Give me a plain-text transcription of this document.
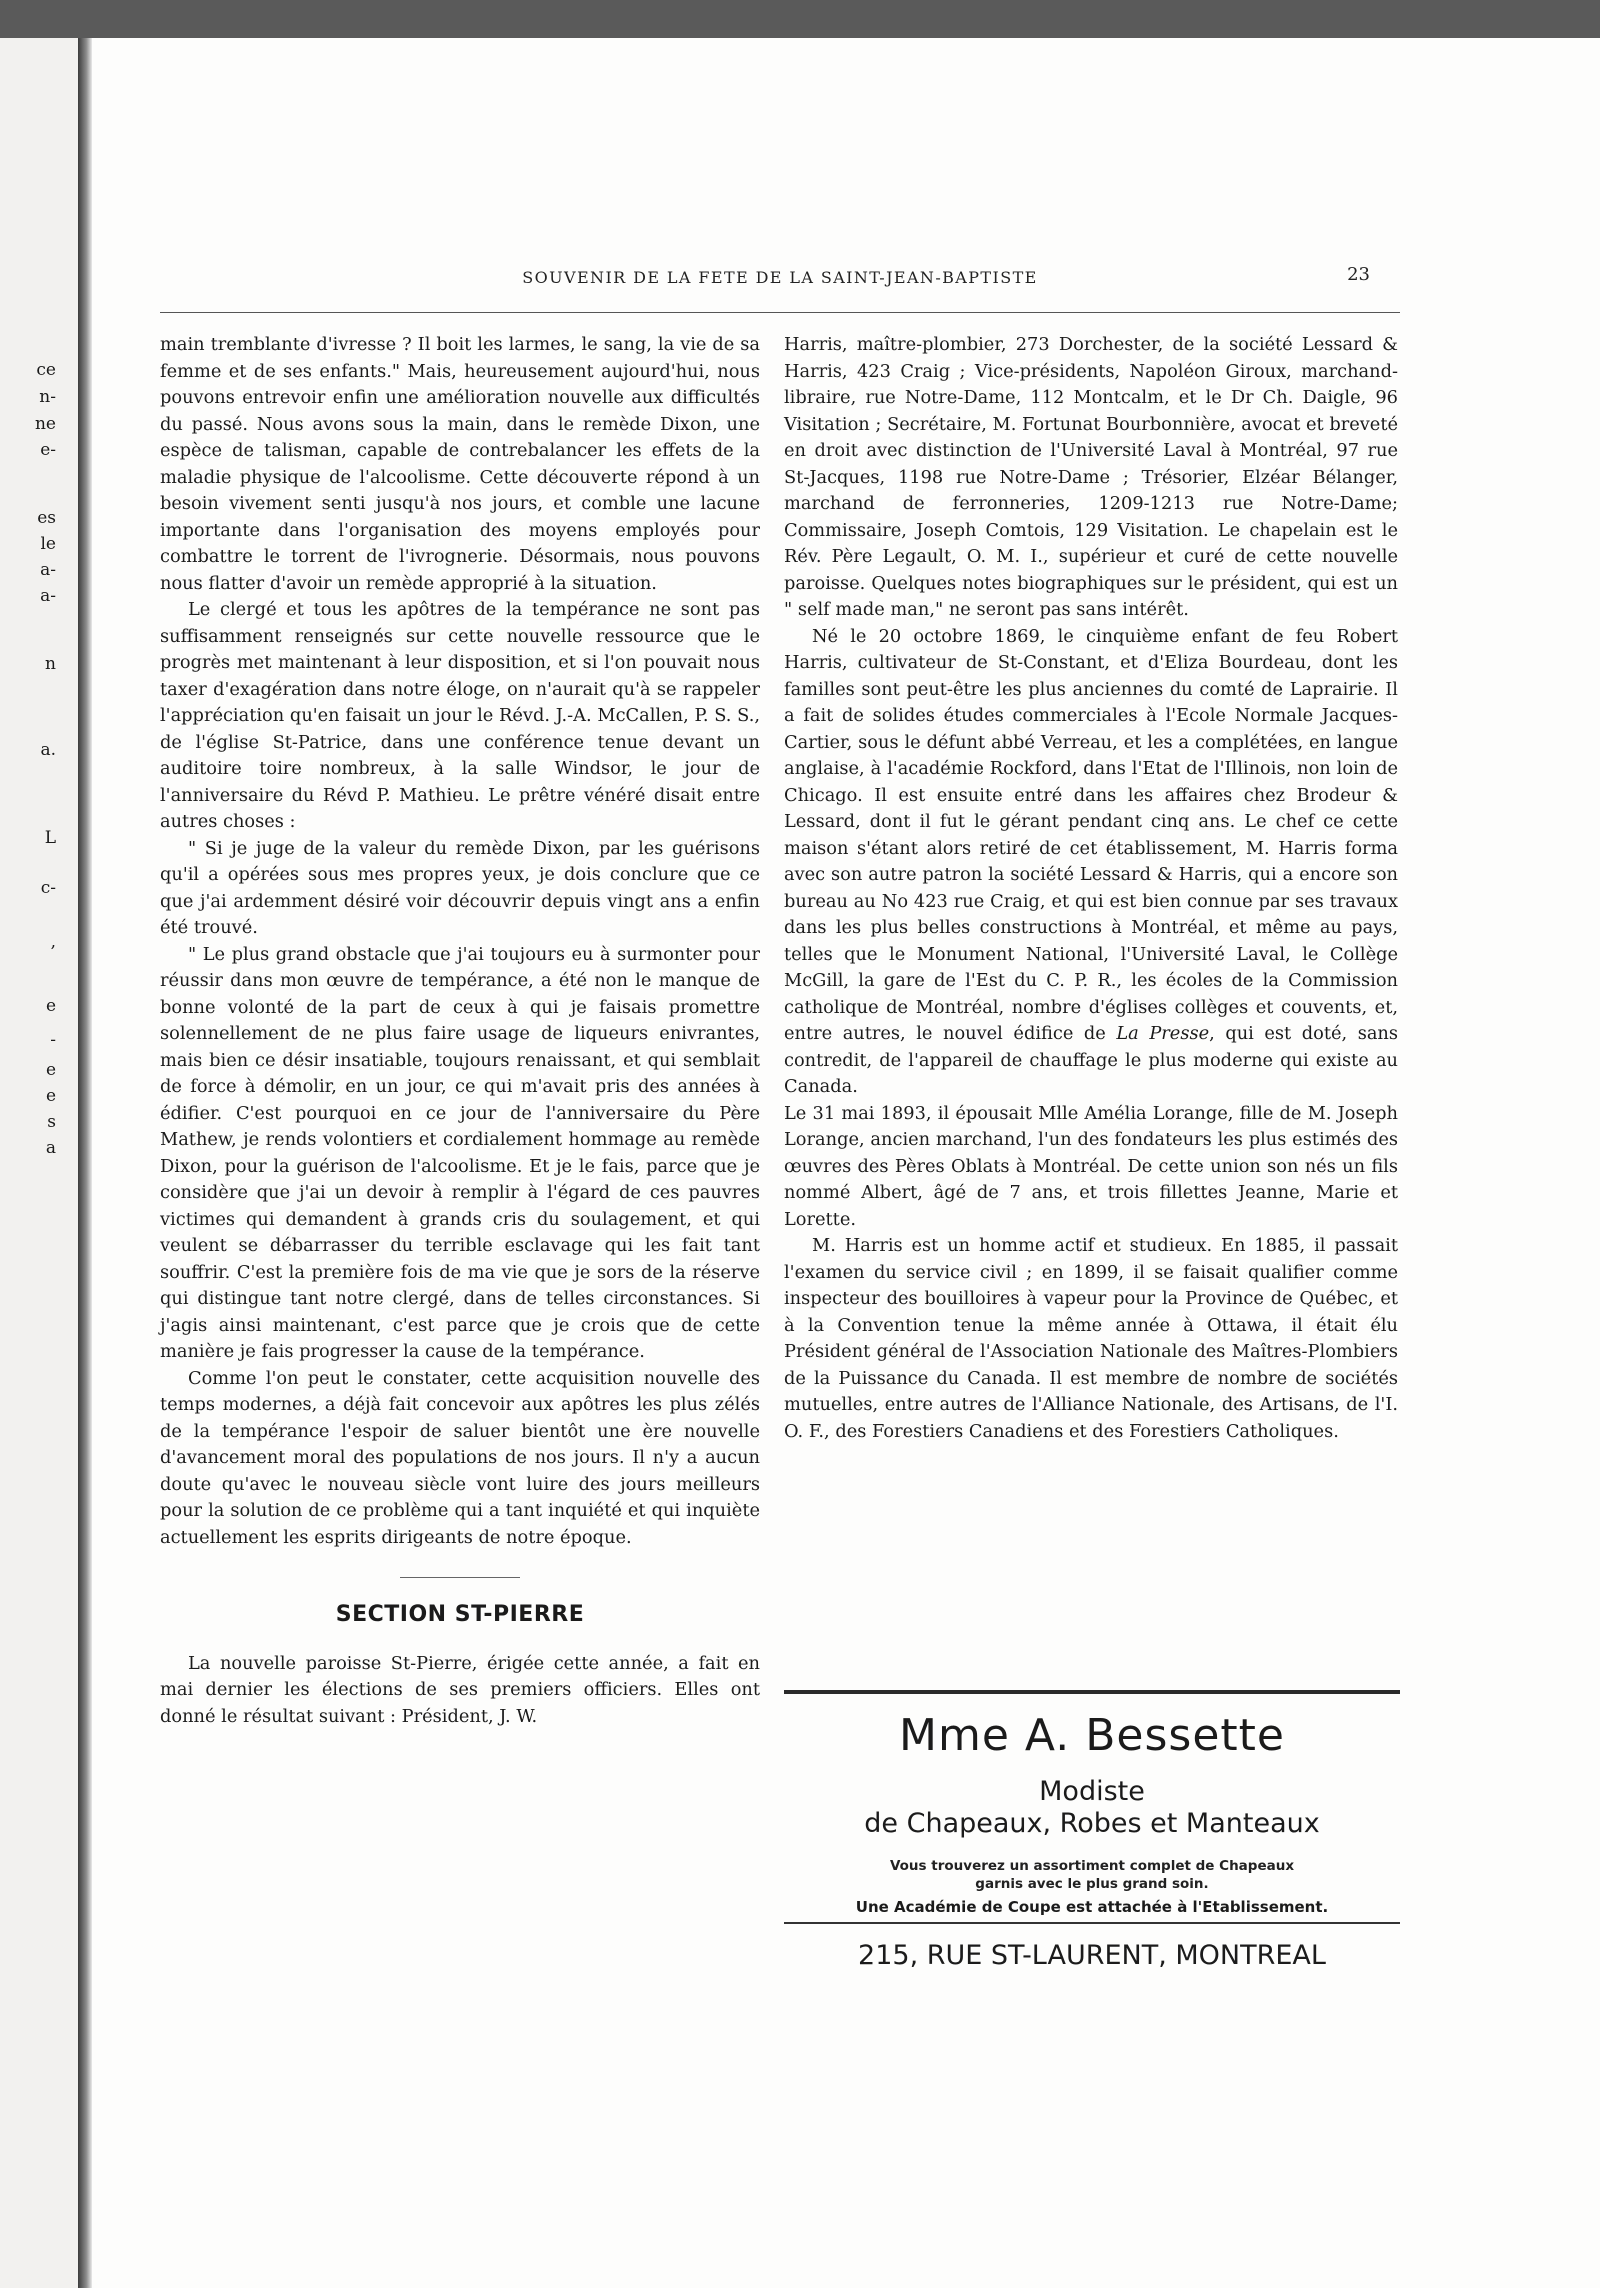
ce
n-
ne
e-
es
le
a-
a-
n
a.
L
c-
,
e
-
e
e
s
a
SOUVENIR DE LA FETE DE LA SAINT-JEAN-BAPTISTE	23

main tremblante d'ivresse ? Il boit les larmes, le sang, la vie de sa femme et de ses enfants." Mais, heureusement aujourd'hui, nous pouvons entrevoir enfin une amélioration nouvelle aux difficultés du passé. Nous avons sous la main, dans le remède Dixon, une espèce de talisman, capable de contrebalancer les effets de la maladie physique de l'alcoolisme. Cette découverte répond à un besoin vivement senti jusqu'à nos jours, et comble une lacune importante dans l'organisation des moyens employés pour combattre le torrent de l'ivrognerie. Désormais, nous pouvons nous flatter d'avoir un remède approprié à la situation.

Le clergé et tous les apôtres de la tempérance ne sont pas suffisamment renseignés sur cette nouvelle ressource que le progrès met maintenant à leur disposition, et si l'on pouvait nous taxer d'exagération dans notre éloge, on n'aurait qu'à se rappeler l'appréciation qu'en faisait un jour le Révd. J.-A. McCallen, P. S. S., de l'église St-Patrice, dans une conférence tenue devant un auditoire toire nombreux, à la salle Windsor, le jour de l'anniversaire du Révd P. Mathieu. Le prêtre vénéré disait entre autres choses :

" Si je juge de la valeur du remède Dixon, par les guérisons qu'il a opérées sous mes propres yeux, je dois conclure que ce que j'ai ardemment désiré voir découvrir depuis vingt ans a enfin été trouvé.

" Le plus grand obstacle que j'ai toujours eu à surmonter pour réussir dans mon œuvre de tempérance, a été non le manque de bonne volonté de la part de ceux à qui je faisais promettre solennellement de ne plus faire usage de liqueurs enivrantes, mais bien ce désir insatiable, toujours renaissant, et qui semblait de force à démolir, en un jour, ce qui m'avait pris des années à édifier. C'est pourquoi en ce jour de l'anniversaire du Père Mathew, je rends volontiers et cordialement hommage au remède Dixon, pour la guérison de l'alcoolisme. Et je le fais, parce que je considère que j'ai un devoir à remplir à l'égard de ces pauvres victimes qui demandent à grands cris du soulagement, et qui veulent se débarrasser du terrible esclavage qui les fait tant souffrir. C'est la première fois de ma vie que je sors de la réserve qui distingue tant notre clergé, dans de telles circonstances. Si j'agis ainsi maintenant, c'est parce que je crois que de cette manière je fais progresser la cause de la tempérance.

Comme l'on peut le constater, cette acquisition nouvelle des temps modernes, a déjà fait concevoir aux apôtres les plus zélés de la tempérance l'espoir de saluer bientôt une ère nouvelle d'avancement moral des populations de nos jours. Il n'y a aucun doute qu'avec le nouveau siècle vont luire des jours meilleurs pour la solution de ce problème qui a tant inquiété et qui inquiète actuellement les esprits dirigeants de notre époque.

SECTION ST-PIERRE

La nouvelle paroisse St-Pierre, érigée cette année, a fait en mai dernier les élections de ses premiers officiers. Elles ont donné le résultat suivant : Président, J. W.

Harris, maître-plombier, 273 Dorchester, de la société Lessard & Harris, 423 Craig ; Vice-présidents, Napoléon Giroux, marchand-libraire, rue Notre-Dame, 112 Montcalm, et le Dr Ch. Daigle, 96 Visitation ; Secrétaire, M. Fortunat Bourbonnière, avocat et breveté en droit avec distinction de l'Université Laval à Montréal, 97 rue St-Jacques, 1198 rue Notre-Dame ; Trésorier, Elzéar Bélanger, marchand de ferronneries, 1209-1213 rue Notre-Dame; Commissaire, Joseph Comtois, 129 Visitation. Le chapelain est le Rév. Père Legault, O. M. I., supérieur et curé de cette nouvelle paroisse. Quelques notes biographiques sur le président, qui est un " self made man," ne seront pas sans intérêt.

Né le 20 octobre 1869, le cinquième enfant de feu Robert Harris, cultivateur de St-Constant, et d'Eliza Bourdeau, dont les familles sont peut-être les plus anciennes du comté de Laprairie. Il a fait de solides études commerciales à l'Ecole Normale Jacques-Cartier, sous le défunt abbé Verreau, et les a complétées, en langue anglaise, à l'académie Rockford, dans l'Etat de l'Illinois, non loin de Chicago. Il est ensuite entré dans les affaires chez Brodeur & Lessard, dont il fut le gérant pendant cinq ans. Le chef ce cette maison s'étant alors retiré de cet établissement, M. Harris forma avec son autre patron la société Lessard & Harris, qui a encore son bureau au No 423 rue Craig, et qui est bien connue par ses travaux dans les plus belles constructions à Montréal, et même au pays, telles que le Monument National, l'Université Laval, le Collège McGill, la gare de l'Est du C. P. R., les écoles de la Commission catholique de Montréal, nombre d'églises collèges et couvents, et, entre autres, le nouvel édifice de La Presse, qui est doté, sans contredit, de l'appareil de chauffage le plus moderne qui existe au Canada.

Le 31 mai 1893, il épousait Mlle Amélia Lorange, fille de M. Joseph Lorange, ancien marchand, l'un des fondateurs les plus estimés des œuvres des Pères Oblats à Montréal. De cette union son nés un fils nommé Albert, âgé de 7 ans, et trois fillettes Jeanne, Marie et Lorette.

M. Harris est un homme actif et studieux. En 1885, il passait l'examen du service civil ; en 1899, il se faisait qualifier comme inspecteur des bouilloires à vapeur pour la Province de Québec, et à la Convention tenue la même année à Ottawa, il était élu Président général de l'Association Nationale des Maîtres-Plombiers de la Puissance du Canada. Il est membre de nombre de sociétés mutuelles, entre autres de l'Alliance Nationale, des Artisans, de l'I. O. F., des Forestiers Canadiens et des Forestiers Catholiques.

Mme A. Bessette
Modiste
de Chapeaux, Robes et Manteaux
Vous trouverez un assortiment complet de Chapeaux
garnis avec le plus grand soin.
Une Académie de Coupe est attachée à l'Etablissement.
215, RUE ST-LAURENT, MONTREAL
